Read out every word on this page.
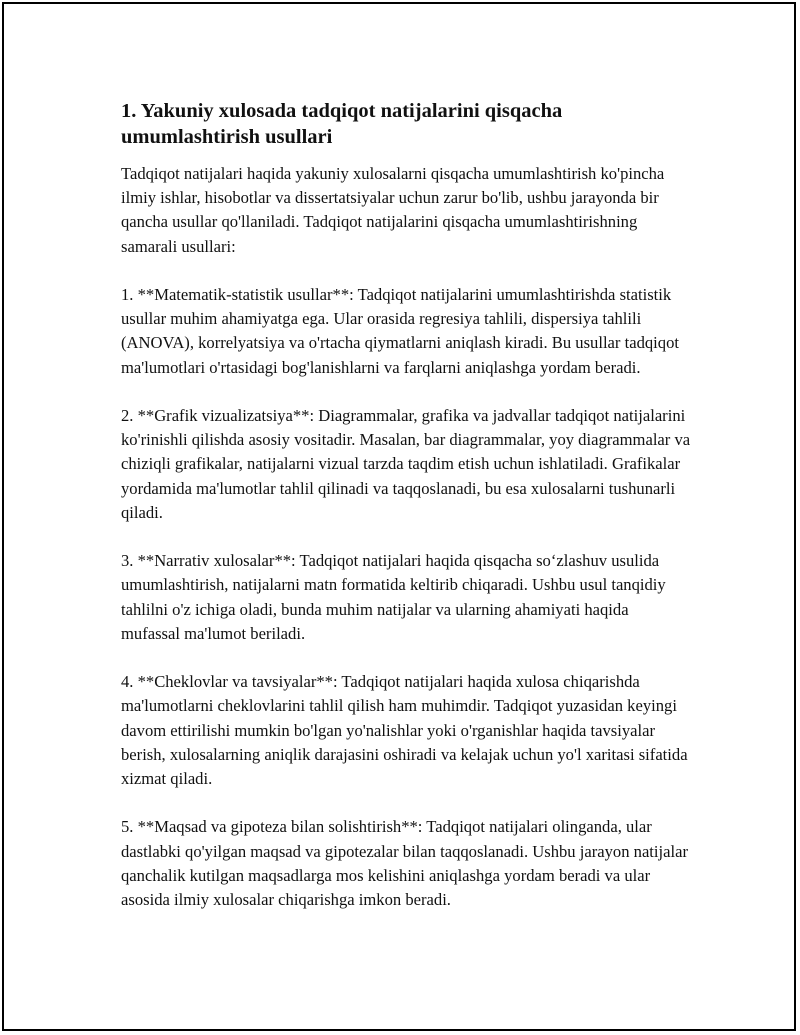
1. Yakuniy xulosada tadqiqot natijalarini qisqacha umumlashtirish usullari

Tadqiqot natijalari haqida yakuniy xulosalarni qisqacha umumlashtirish ko'pincha ilmiy ishlar, hisobotlar va dissertatsiyalar uchun zarur bo'lib, ushbu jarayonda bir qancha usullar qo'llaniladi. Tadqiqot natijalarini qisqacha umumlashtirishning samarali usullari:

1. **Matematik-statistik usullar**: Tadqiqot natijalarini umumlashtirishda statistik usullar muhim ahamiyatga ega. Ular orasida regresiya tahlili, dispersiya tahlili (ANOVA), korrelyatsiya va o'rtacha qiymatlarni aniqlash kiradi. Bu usullar tadqiqot ma'lumotlari o'rtasidagi bog'lanishlarni va farqlarni aniqlashga yordam beradi.

2. **Grafik vizualizatsiya**: Diagrammalar, grafika va jadvallar tadqiqot natijalarini ko'rinishli qilishda asosiy vositadir. Masalan, bar diagrammalar, yoy diagrammalar va chiziqli grafikalar, natijalarni vizual tarzda taqdim etish uchun ishlatiladi. Grafikalar yordamida ma'lumotlar tahlil qilinadi va taqqoslanadi, bu esa xulosalarni tushunarli qiladi.

3. **Narrativ xulosalar**: Tadqiqot natijalari haqida qisqacha so‘zlashuv usulida umumlashtirish, natijalarni matn formatida keltirib chiqaradi. Ushbu usul tanqidiy tahlilni o'z ichiga oladi, bunda muhim natijalar va ularning ahamiyati haqida mufassal ma'lumot beriladi.

4. **Cheklovlar va tavsiyalar**: Tadqiqot natijalari haqida xulosa chiqarishda ma'lumotlarni cheklovlarini tahlil qilish ham muhimdir. Tadqiqot yuzasidan keyingi davom ettirilishi mumkin bo'lgan yo'nalishlar yoki o'rganishlar haqida tavsiyalar berish, xulosalarning aniqlik darajasini oshiradi va kelajak uchun yo'l xaritasi sifatida xizmat qiladi.

5. **Maqsad va gipoteza bilan solishtirish**: Tadqiqot natijalari olinganda, ular dastlabki qo'yilgan maqsad va gipotezalar bilan taqqoslanadi. Ushbu jarayon natijalar qanchalik kutilgan maqsadlarga mos kelishini aniqlashga yordam beradi va ular asosida ilmiy xulosalar chiqarishga imkon beradi.
